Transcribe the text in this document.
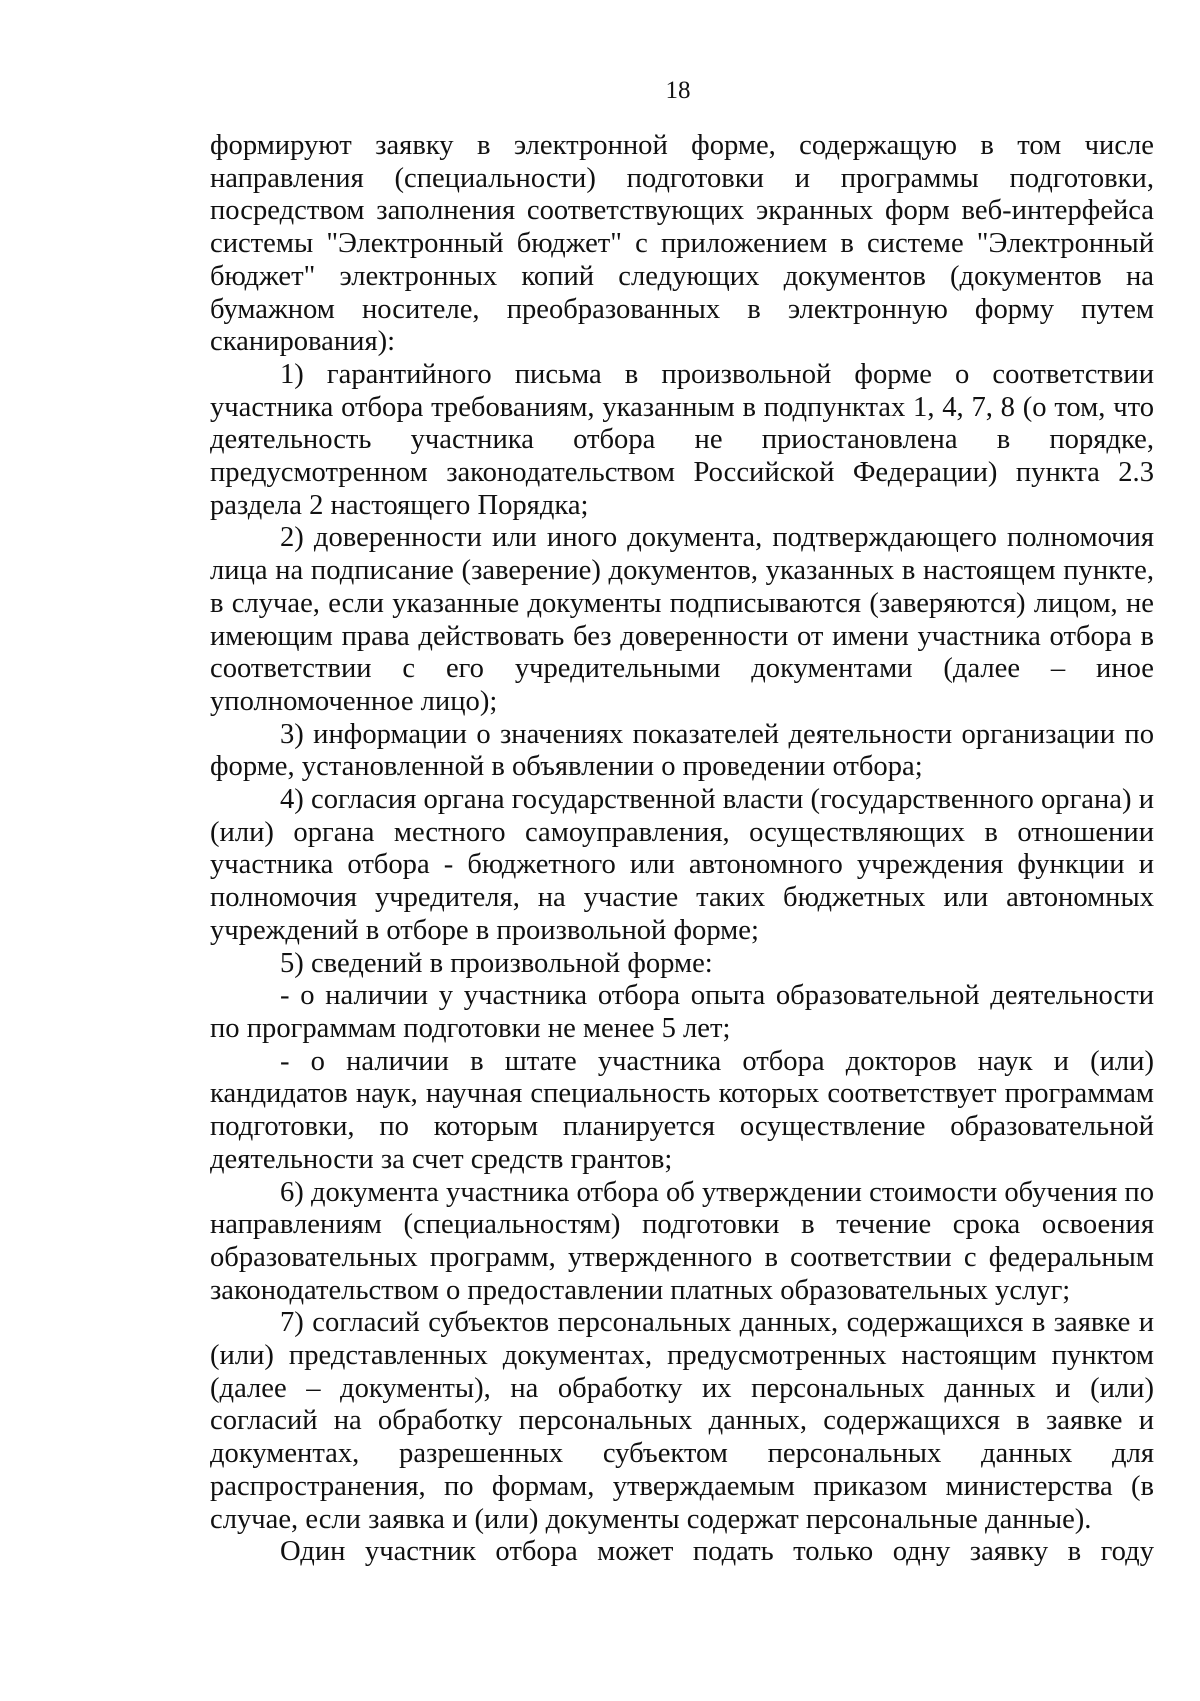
18

формируют заявку в электронной форме, содержащую в том числе направления (специальности) подготовки и программы подготовки, посредством заполнения соответствующих экранных форм веб-интерфейса системы "Электронный бюджет" с приложением в системе "Электронный бюджет" электронных копий следующих документов (документов на бумажном носителе, преобразованных в электронную форму путем сканирования):

1) гарантийного письма в произвольной форме о соответствии участника отбора требованиям, указанным в подпунктах 1, 4, 7, 8 (о том, что деятельность участника отбора не приостановлена в порядке, предусмотренном законодательством Российской Федерации) пункта 2.3 раздела 2 настоящего Порядка;

2) доверенности или иного документа, подтверждающего полномочия лица на подписание (заверение) документов, указанных в настоящем пункте, в случае, если указанные документы подписываются (заверяются) лицом, не имеющим права действовать без доверенности от имени участника отбора в соответствии с его учредительными документами (далее – иное уполномоченное лицо);

3) информации о значениях показателей деятельности организации по форме, установленной в объявлении о проведении отбора;

4) согласия органа государственной власти (государственного органа) и (или) органа местного самоуправления, осуществляющих в отношении участника отбора - бюджетного или автономного учреждения функции и полномочия учредителя, на участие таких бюджетных или автономных учреждений в отборе в произвольной форме;

5) сведений в произвольной форме:

- о наличии у участника отбора опыта образовательной деятельности по программам подготовки не менее 5 лет;

- о наличии в штате участника отбора докторов наук и (или) кандидатов наук, научная специальность которых соответствует программам подготовки, по которым планируется осуществление образовательной деятельности за счет средств грантов;

6) документа участника отбора об утверждении стоимости обучения по направлениям (специальностям) подготовки в течение срока освоения образовательных программ, утвержденного в соответствии с федеральным законодательством о предоставлении платных образовательных услуг;

7) согласий субъектов персональных данных, содержащихся в заявке и (или) представленных документах, предусмотренных настоящим пунктом (далее – документы), на обработку их персональных данных и (или) согласий на обработку персональных данных, содержащихся в заявке и документах, разрешенных субъектом персональных данных для распространения, по формам, утверждаемым приказом министерства (в случае, если заявка и (или) документы содержат персональные данные).

Один участник отбора может подать только одну заявку в году
